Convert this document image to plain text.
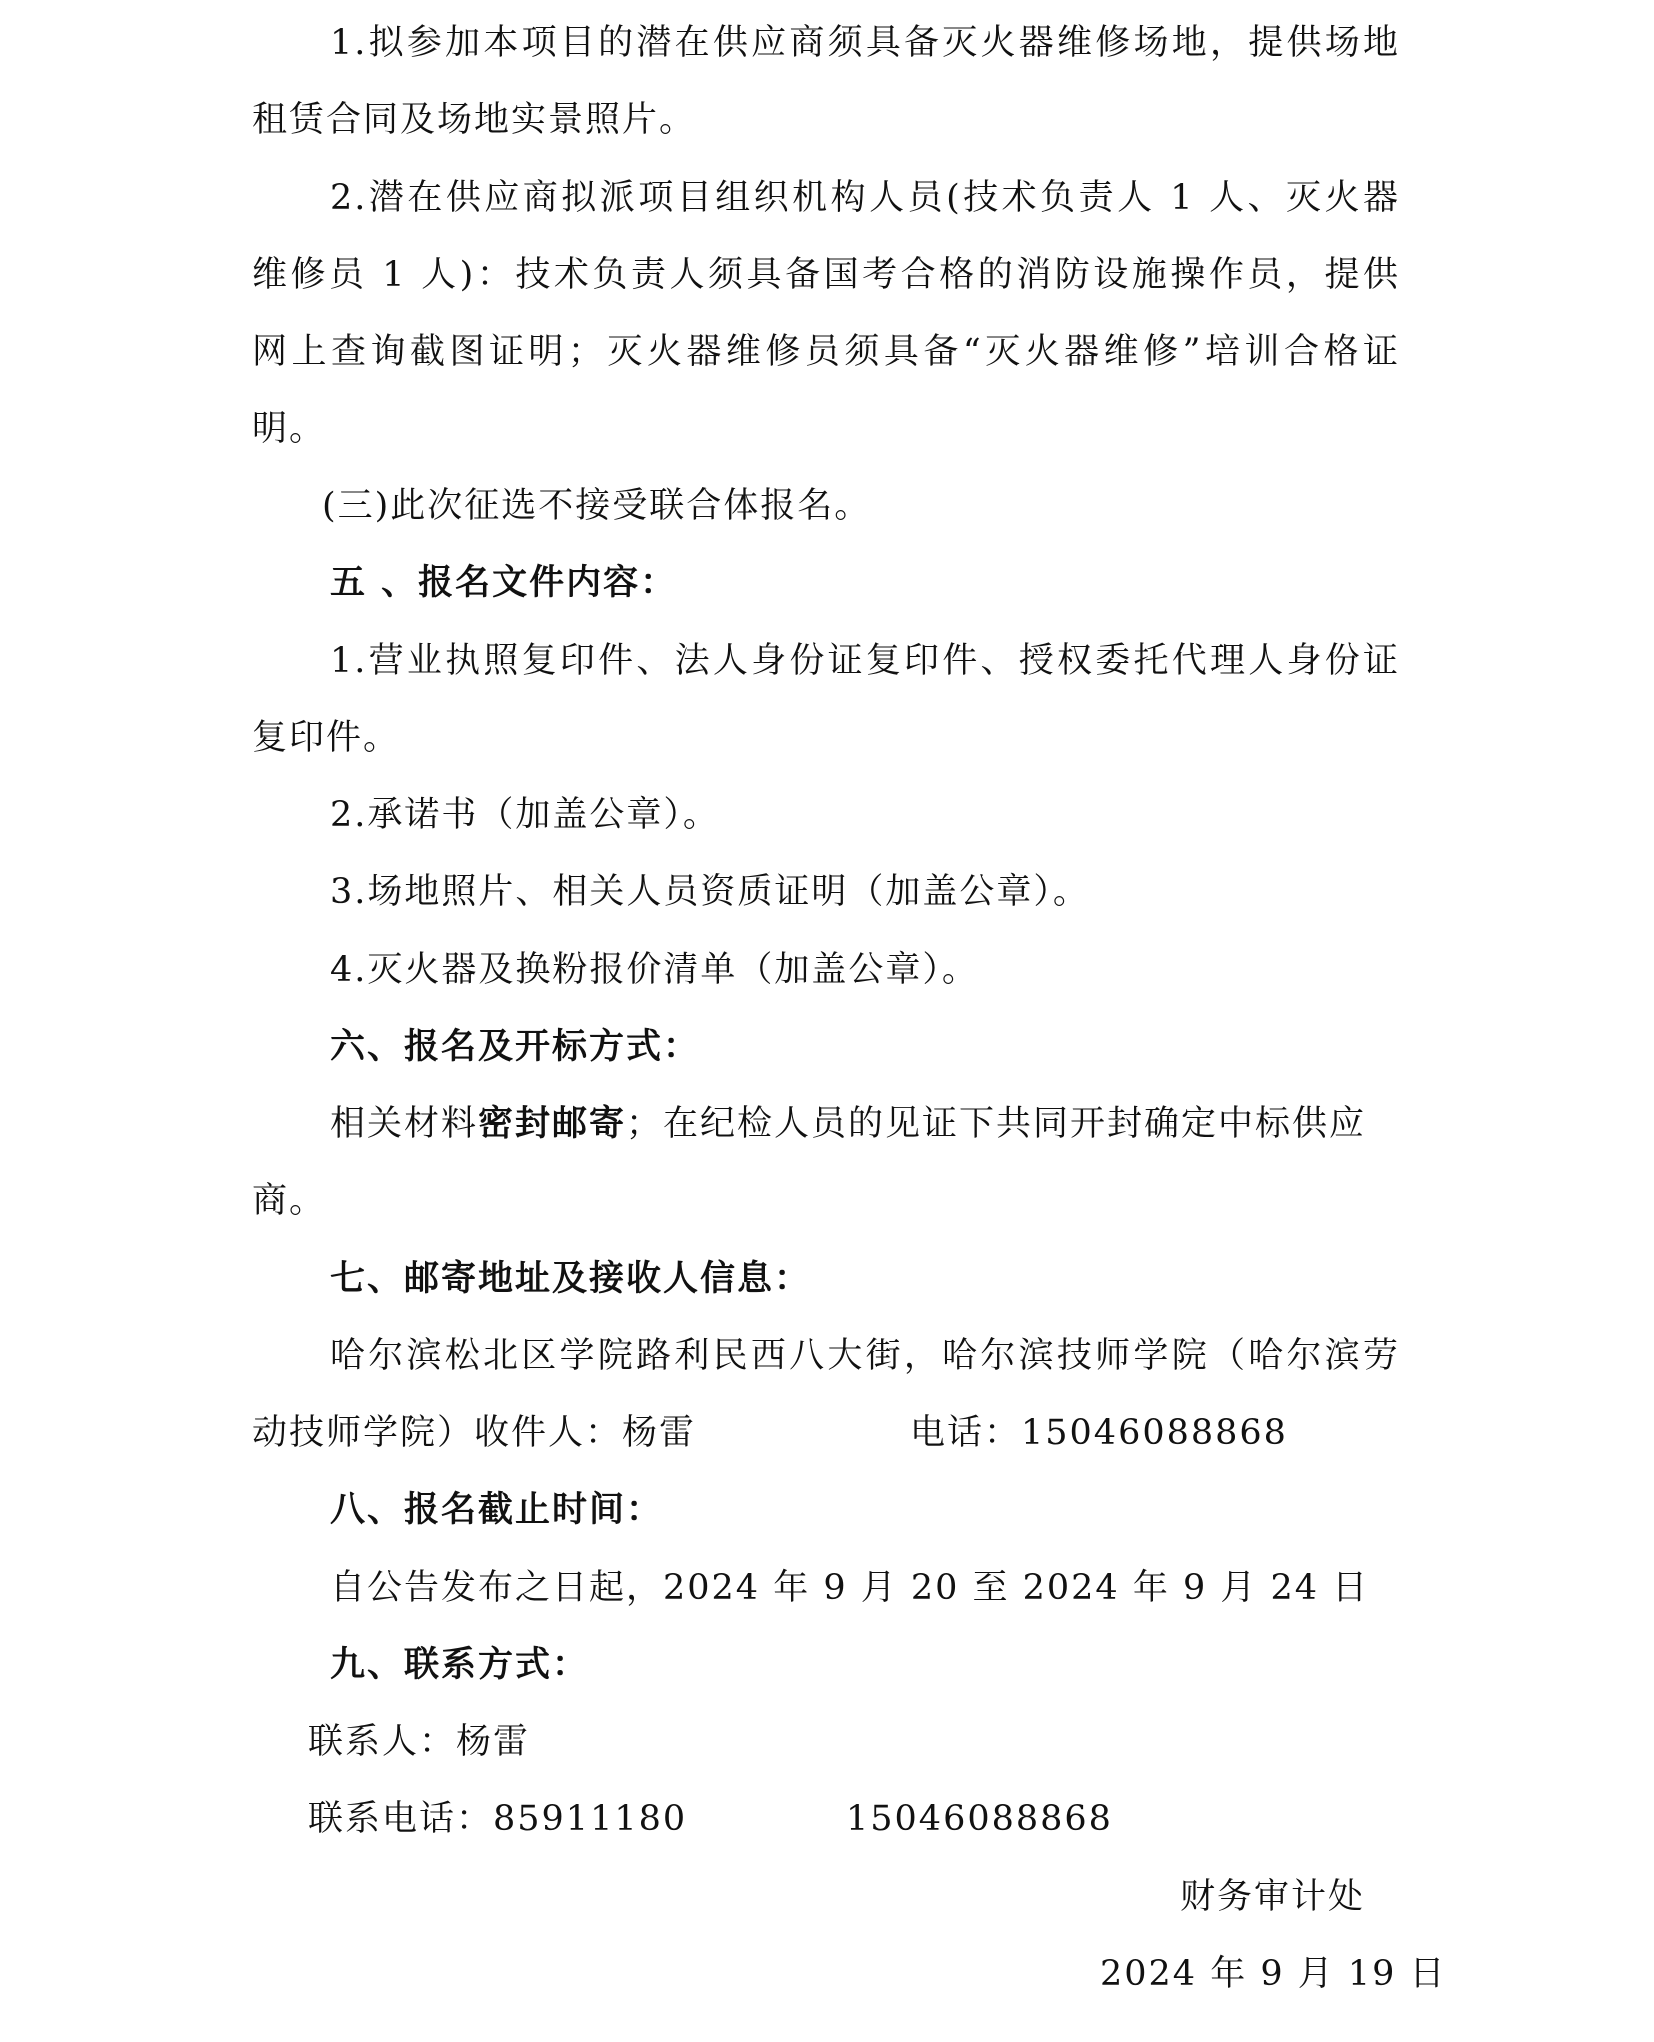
1.拟参加本项目的潜在供应商须具备灭火器维修场地，提供场地
租赁合同及场地实景照片。
2.潜在供应商拟派项目组织机构人员(技术负责人 1 人、灭火器
维修员 1 人)：技术负责人须具备国考合格的消防设施操作员，提供
网上查询截图证明；灭火器维修员须具备“灭火器维修”培训合格证
明。
(三)此次征选不接受联合体报名。
五 、报名文件内容：
1.营业执照复印件、法人身份证复印件、授权委托代理人身份证
复印件。
2.承诺书（加盖公章）。
3.场地照片、相关人员资质证明（加盖公章）。
4.灭火器及换粉报价清单（加盖公章）。
六、报名及开标方式：
相关材料密封邮寄；在纪检人员的见证下共同开封确定中标供应
商。
七、邮寄地址及接收人信息：
哈尔滨松北区学院路利民西八大街，哈尔滨技师学院（哈尔滨劳
动技师学院）收件人：杨雷	电话：15046088868
八、报名截止时间：
自公告发布之日起，2024 年 9 月 20 至 2024 年 9 月 24 日
九、联系方式：
联系人：杨雷
联系电话：85911180	15046088868
财务审计处
2024 年 9 月 19 日
